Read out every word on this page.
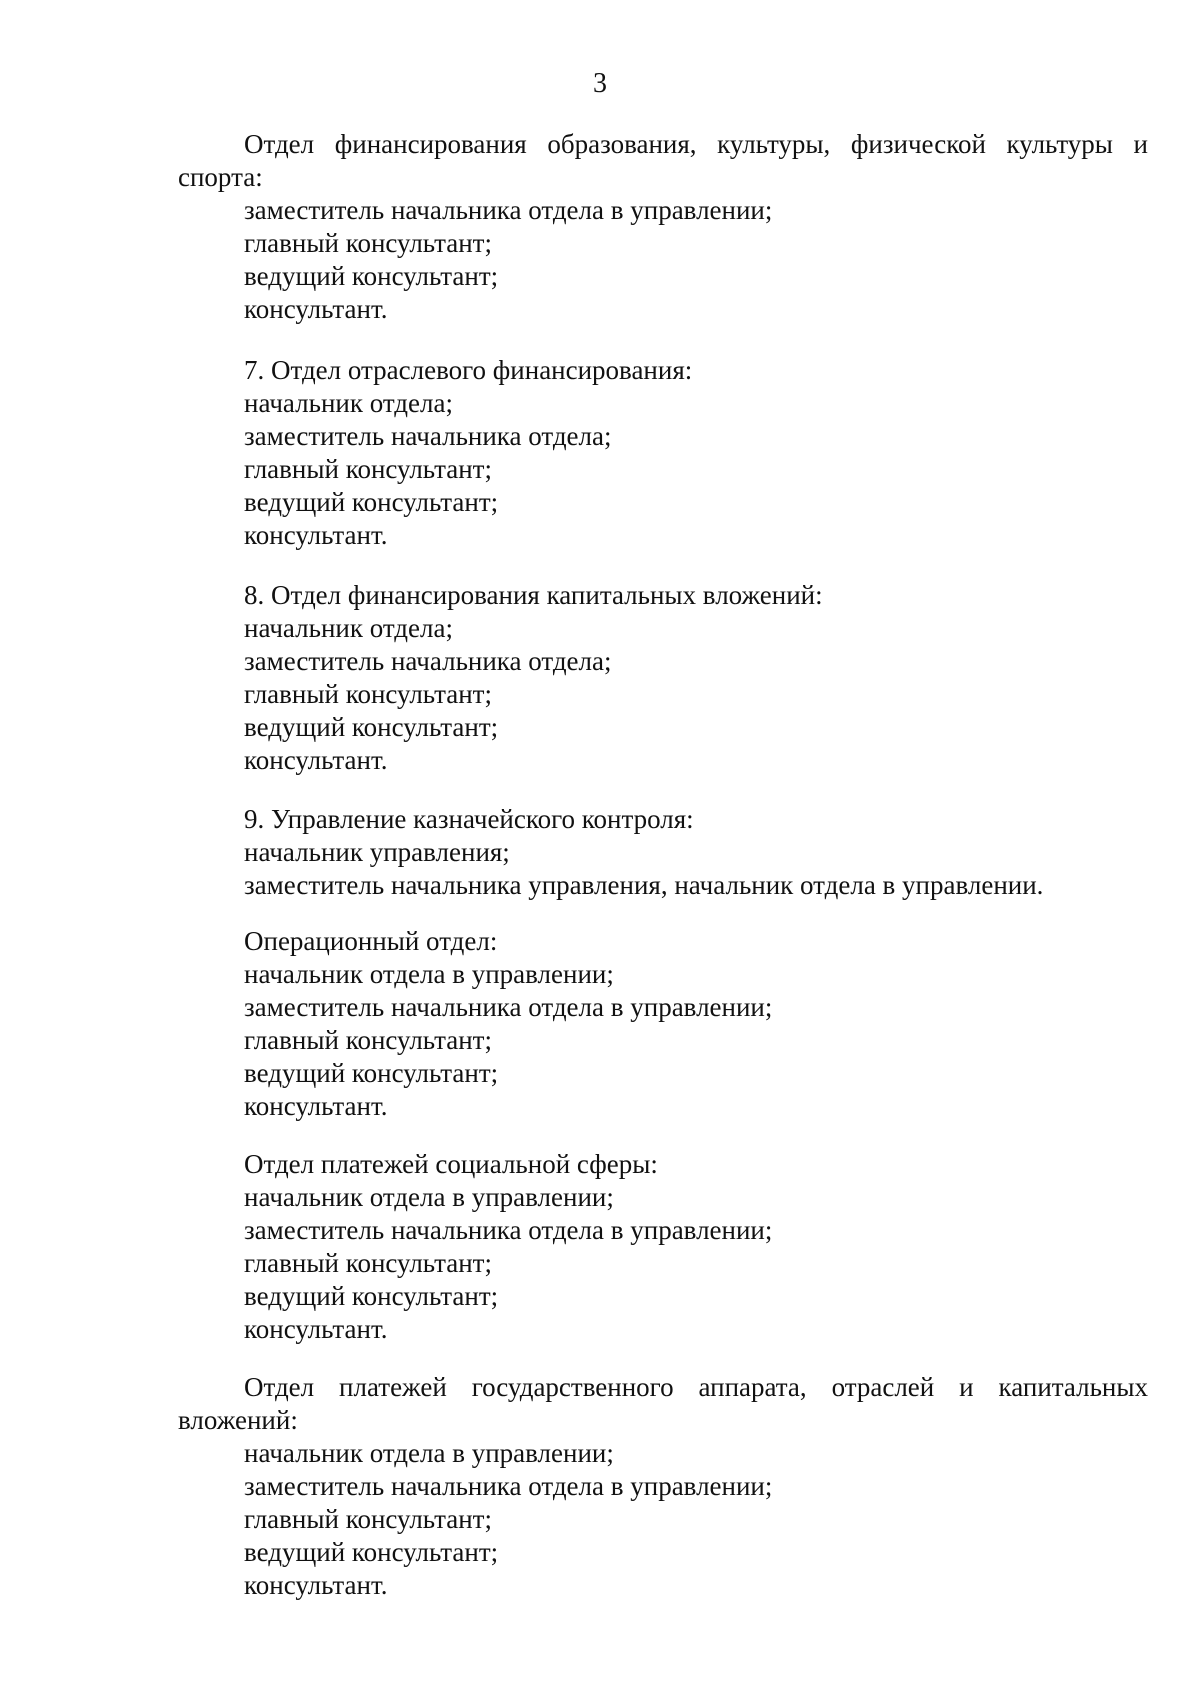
3
Отдел финансирования образования, культуры, физической культуры и спорта:
заместитель начальника отдела в управлении;
главный консультант;
ведущий консультант;
консультант.
7. Отдел отраслевого финансирования:
начальник отдела;
заместитель начальника отдела;
главный консультант;
ведущий консультант;
консультант.
8. Отдел финансирования капитальных вложений:
начальник отдела;
заместитель начальника отдела;
главный консультант;
ведущий консультант;
консультант.
9. Управление казначейского контроля:
начальник управления;
заместитель начальника управления, начальник отдела в управлении.
Операционный отдел:
начальник отдела в управлении;
заместитель начальника отдела в управлении;
главный консультант;
ведущий консультант;
консультант.
Отдел платежей социальной сферы:
начальник отдела в управлении;
заместитель начальника отдела в управлении;
главный консультант;
ведущий консультант;
консультант.
Отдел платежей государственного аппарата, отраслей и капитальных вложений:
начальник отдела в управлении;
заместитель начальника отдела в управлении;
главный консультант;
ведущий консультант;
консультант.
